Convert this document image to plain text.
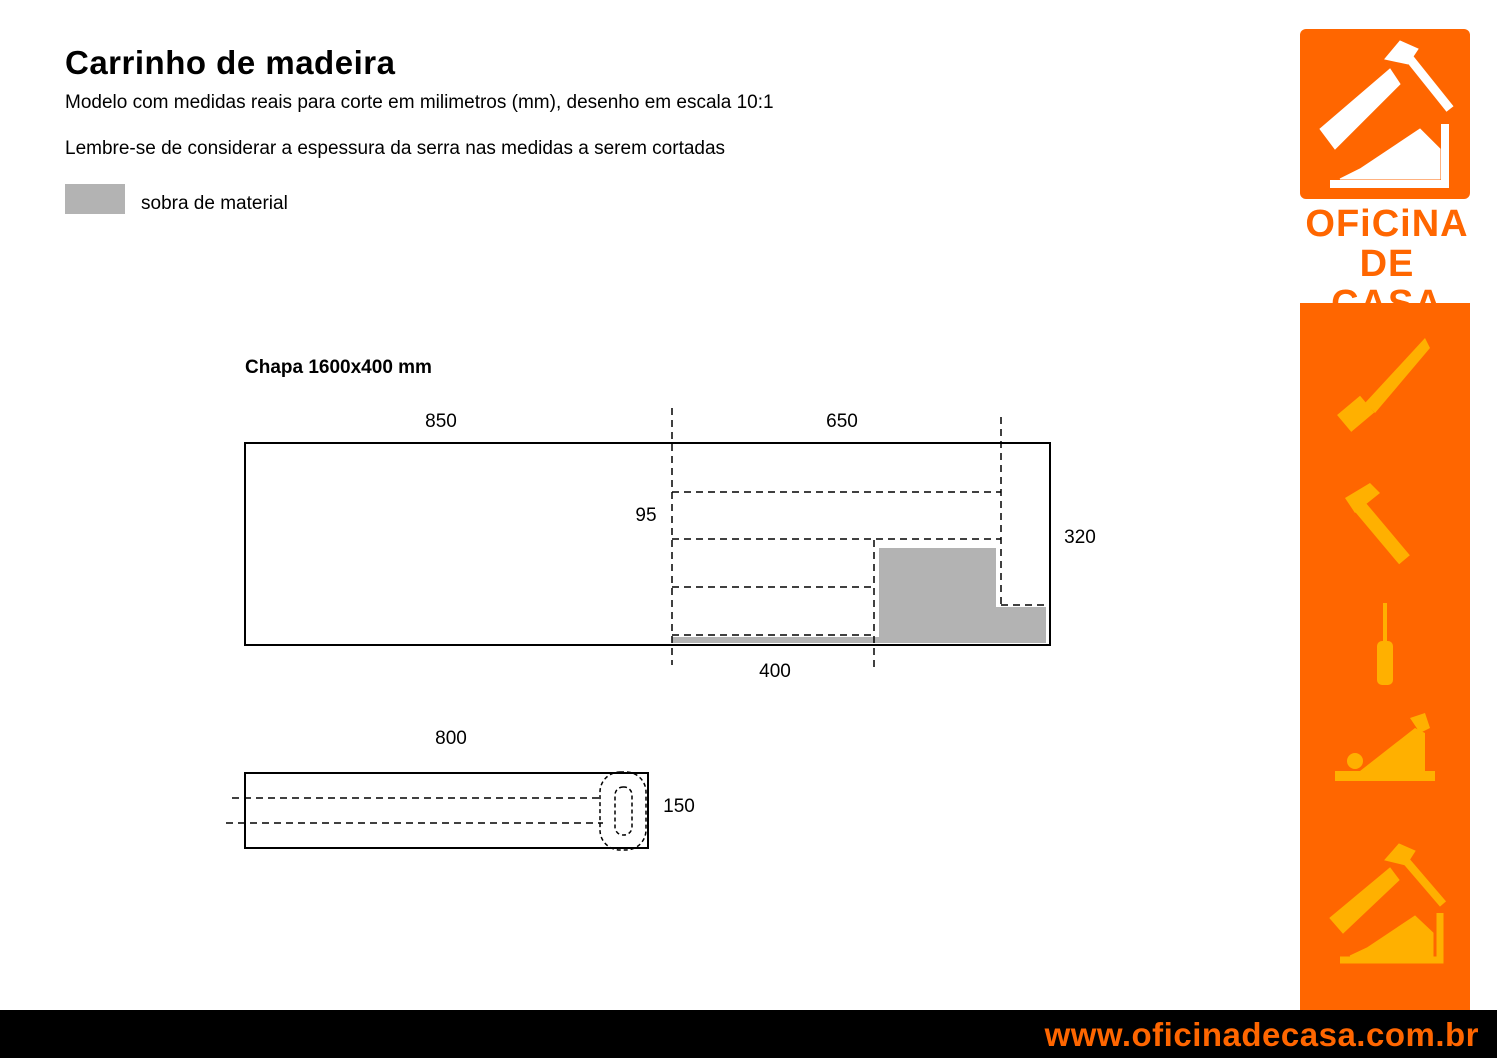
Carrinho de madeira
Modelo com medidas reais para corte em milimetros (mm), desenho em escala 10:1
Lembre-se de considerar a espessura da serra nas medidas a serem cortadas
sobra de material
Chapa 1600x400 mm
850	650
95
320
400
800
150
OFiCiNA
DE
www.oficinadecasa.com.br
